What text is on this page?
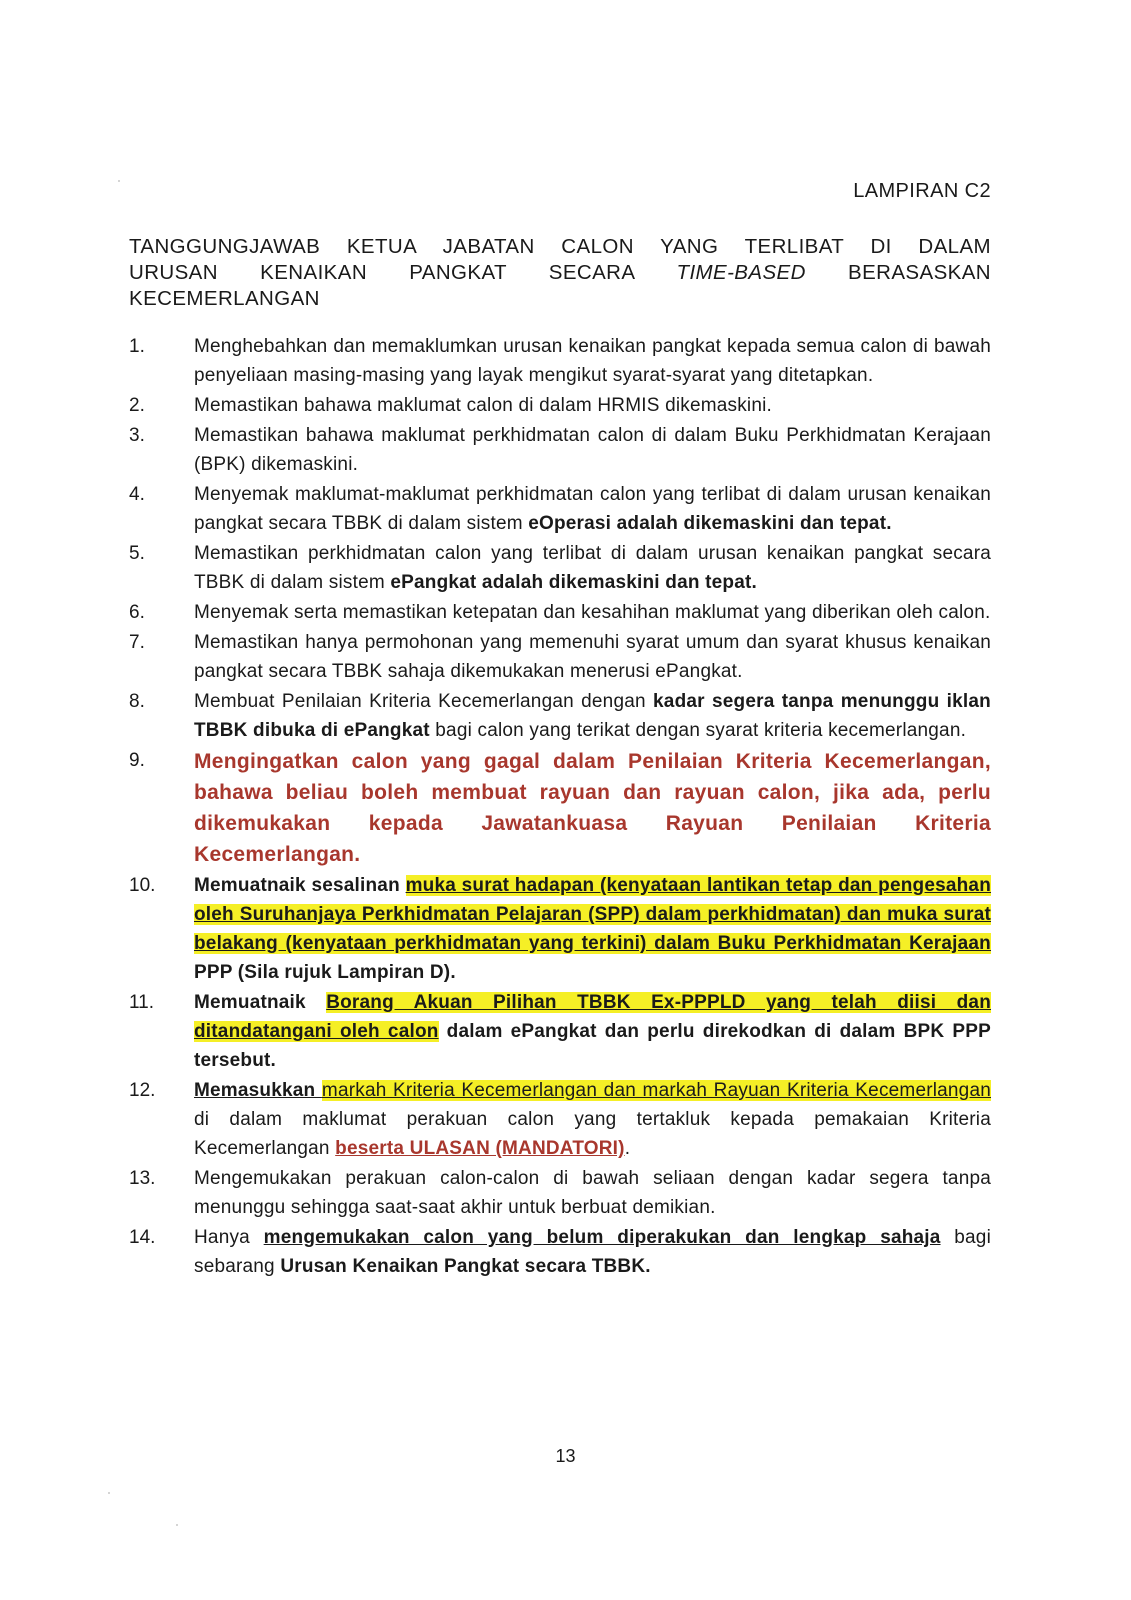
LAMPIRAN C2
TANGGUNGJAWAB KETUA JABATAN CALON YANG TERLIBAT DI DALAM
URUSAN KENAIKAN PANGKAT SECARA TIME-BASED BERASASKAN
KECEMERLANGAN
1.	Menghebahkan dan memaklumkan urusan kenaikan pangkat kepada semua calon di bawah penyeliaan masing-masing yang layak mengikut syarat-syarat yang ditetapkan.
2.	Memastikan bahawa maklumat calon di dalam HRMIS dikemaskini.
3.	Memastikan bahawa maklumat perkhidmatan calon di dalam Buku Perkhidmatan Kerajaan (BPK) dikemaskini.
4.	Menyemak maklumat-maklumat perkhidmatan calon yang terlibat di dalam urusan kenaikan pangkat secara TBBK di dalam sistem eOperasi adalah dikemaskini dan tepat.
5.	Memastikan perkhidmatan calon yang terlibat di dalam urusan kenaikan pangkat secara TBBK di dalam sistem ePangkat adalah dikemaskini dan tepat.
6.	Menyemak serta memastikan ketepatan dan kesahihan maklumat yang diberikan oleh calon.
7.	Memastikan hanya permohonan yang memenuhi syarat umum dan syarat khusus kenaikan pangkat secara TBBK sahaja dikemukakan menerusi ePangkat.
8.	Membuat Penilaian Kriteria Kecemerlangan dengan kadar segera tanpa menunggu iklan TBBK dibuka di ePangkat bagi calon yang terikat dengan syarat kriteria kecemerlangan.
9.	Mengingatkan calon yang gagal dalam Penilaian Kriteria Kecemerlangan, bahawa beliau boleh membuat rayuan dan rayuan calon, jika ada, perlu dikemukakan kepada Jawatankuasa Rayuan Penilaian Kriteria Kecemerlangan.
10.	Memuatnaik sesalinan muka surat hadapan (kenyataan lantikan tetap dan pengesahan oleh Suruhanjaya Perkhidmatan Pelajaran (SPP) dalam perkhidmatan) dan muka surat belakang (kenyataan perkhidmatan yang terkini) dalam Buku Perkhidmatan Kerajaan PPP (Sila rujuk Lampiran D).
11.	Memuatnaik Borang Akuan Pilihan TBBK Ex-PPPLD yang telah diisi dan ditandatangani oleh calon dalam ePangkat dan perlu direkodkan di dalam BPK PPP tersebut.
12.	Memasukkan markah Kriteria Kecemerlangan dan markah Rayuan Kriteria Kecemerlangan di dalam maklumat perakuan calon yang tertakluk kepada pemakaian Kriteria Kecemerlangan beserta ULASAN (MANDATORI).
13.	Mengemukakan perakuan calon-calon di bawah seliaan dengan kadar segera tanpa menunggu sehingga saat-saat akhir untuk berbuat demikian.
14.	Hanya mengemukakan calon yang belum diperakukan dan lengkap sahaja bagi sebarang Urusan Kenaikan Pangkat secara TBBK.
13
